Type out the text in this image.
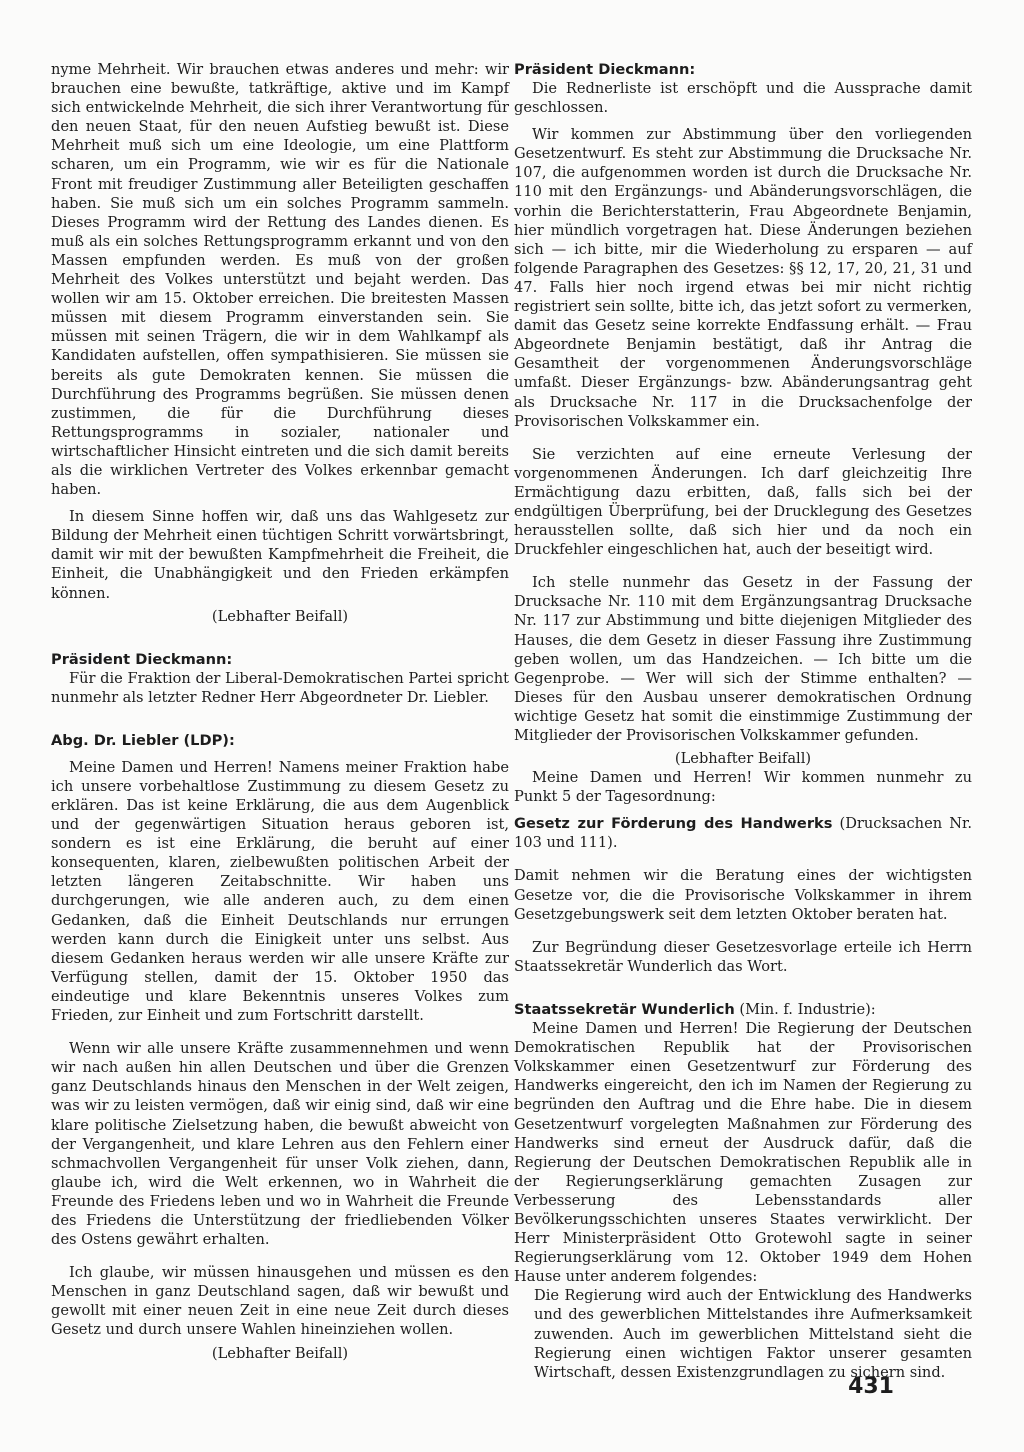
nyme Mehrheit. Wir brauchen etwas anderes und mehr: wir brauchen eine bewußte, tatkräftige, aktive und im Kampf sich entwickelnde Mehrheit, die sich ihrer Verantwortung für den neuen Staat, für den neuen Aufstieg bewußt ist. Diese Mehrheit muß sich um eine Ideologie, um eine Plattform scharen, um ein Programm, wie wir es für die Nationale Front mit freudiger Zustimmung aller Beteiligten geschaffen haben. Sie muß sich um ein solches Programm sammeln. Dieses Programm wird der Rettung des Landes dienen. Es muß als ein solches Rettungsprogramm erkannt und von den Massen empfunden werden. Es muß von der großen Mehrheit des Volkes unterstützt und bejaht werden. Das wollen wir am 15. Oktober erreichen. Die breitesten Massen müssen mit diesem Programm einverstanden sein. Sie müssen mit seinen Trägern, die wir in dem Wahlkampf als Kandidaten aufstellen, offen sympathisieren. Sie müssen sie bereits als gute Demokraten kennen. Sie müssen die Durchführung des Programms begrüßen. Sie müssen denen zustimmen, die für die Durchführung dieses Rettungsprogramms in sozialer, nationaler und wirtschaftlicher Hinsicht eintreten und die sich damit bereits als die wirklichen Vertreter des Volkes erkennbar gemacht haben.

In diesem Sinne hoffen wir, daß uns das Wahlgesetz zur Bildung der Mehrheit einen tüchtigen Schritt vorwärtsbringt, damit wir mit der bewußten Kampfmehrheit die Freiheit, die Einheit, die Unabhängigkeit und den Frieden erkämpfen können.

(Lebhafter Beifall)
Präsident Dieckmann:

Für die Fraktion der Liberal-Demokratischen Partei spricht nunmehr als letzter Redner Herr Abgeordneter Dr. Liebler.

Abg. Dr. Liebler (LDP):

Meine Damen und Herren! Namens meiner Fraktion habe ich unsere vorbehaltlose Zustimmung zu diesem Gesetz zu erklären. Das ist keine Erklärung, die aus dem Augenblick und der gegenwärtigen Situation heraus geboren ist, sondern es ist eine Erklärung, die beruht auf einer konsequenten, klaren, zielbewußten politischen Arbeit der letzten längeren Zeitabschnitte. Wir haben uns durchgerungen, wie alle anderen auch, zu dem einen Gedanken, daß die Einheit Deutschlands nur errungen werden kann durch die Einigkeit unter uns selbst. Aus diesem Gedanken heraus werden wir alle unsere Kräfte zur Verfügung stellen, damit der 15. Oktober 1950 das eindeutige und klare Bekenntnis unseres Volkes zum Frieden, zur Einheit und zum Fortschritt darstellt.

Wenn wir alle unsere Kräfte zusammennehmen und wenn wir nach außen hin allen Deutschen und über die Grenzen ganz Deutschlands hinaus den Menschen in der Welt zeigen, was wir zu leisten vermögen, daß wir einig sind, daß wir eine klare politische Zielsetzung haben, die bewußt abweicht von der Vergangenheit, und klare Lehren aus den Fehlern einer schmachvollen Vergangenheit für unser Volk ziehen, dann, glaube ich, wird die Welt erkennen, wo in Wahrheit die Freunde des Friedens leben und wo in Wahrheit die Freunde des Friedens die Unterstützung der friedliebenden Völker des Ostens gewährt erhalten.

Ich glaube, wir müssen hinausgehen und müssen es den Menschen in ganz Deutschland sagen, daß wir bewußt und gewollt mit einer neuen Zeit in eine neue Zeit durch dieses Gesetz und durch unsere Wahlen hineinziehen wollen.

(Lebhafter Beifall)
Präsident Dieckmann:

Die Rednerliste ist erschöpft und die Aussprache damit geschlossen.

Wir kommen zur Abstimmung über den vorliegenden Gesetzentwurf. Es steht zur Abstimmung die Drucksache Nr. 107, die aufgenommen worden ist durch die Drucksache Nr. 110 mit den Ergänzungs- und Abänderungsvorschlägen, die vorhin die Berichterstatterin, Frau Abgeordnete Benjamin, hier mündlich vorgetragen hat. Diese Änderungen beziehen sich — ich bitte, mir die Wiederholung zu ersparen — auf folgende Paragraphen des Gesetzes: §§ 12, 17, 20, 21, 31 und 47. Falls hier noch irgend etwas bei mir nicht richtig registriert sein sollte, bitte ich, das jetzt sofort zu vermerken, damit das Gesetz seine korrekte Endfassung erhält. — Frau Abgeordnete Benjamin bestätigt, daß ihr Antrag die Gesamtheit der vorgenommenen Änderungsvorschläge umfaßt. Dieser Ergänzungs- bzw. Abänderungsantrag geht als Drucksache Nr. 117 in die Drucksachenfolge der Provisorischen Volkskammer ein.

Sie verzichten auf eine erneute Verlesung der vorgenommenen Änderungen. Ich darf gleichzeitig Ihre Ermächtigung dazu erbitten, daß, falls sich bei der endgültigen Überprüfung, bei der Drucklegung des Gesetzes herausstellen sollte, daß sich hier und da noch ein Druckfehler eingeschlichen hat, auch der beseitigt wird.

Ich stelle nunmehr das Gesetz in der Fassung der Drucksache Nr. 110 mit dem Ergänzungsantrag Drucksache Nr. 117 zur Abstimmung und bitte diejenigen Mitglieder des Hauses, die dem Gesetz in dieser Fassung ihre Zustimmung geben wollen, um das Handzeichen. — Ich bitte um die Gegenprobe. — Wer will sich der Stimme enthalten? — Dieses für den Ausbau unserer demokratischen Ordnung wichtige Gesetz hat somit die einstimmige Zustimmung der Mitglieder der Provisorischen Volkskammer gefunden.

(Lebhafter Beifall)

Meine Damen und Herren! Wir kommen nunmehr zu Punkt 5 der Tagesordnung:

Gesetz zur Förderung des Handwerks (Drucksachen Nr. 103 und 111).

Damit nehmen wir die Beratung eines der wichtigsten Gesetze vor, die die Provisorische Volkskammer in ihrem Gesetzgebungswerk seit dem letzten Oktober beraten hat.

Zur Begründung dieser Gesetzesvorlage erteile ich Herrn Staatssekretär Wunderlich das Wort.

Staatssekretär Wunderlich (Min. f. Industrie):

Meine Damen und Herren! Die Regierung der Deutschen Demokratischen Republik hat der Provisorischen Volkskammer einen Gesetzentwurf zur Förderung des Handwerks eingereicht, den ich im Namen der Regierung zu begründen den Auftrag und die Ehre habe. Die in diesem Gesetzentwurf vorgelegten Maßnahmen zur Förderung des Handwerks sind erneut der Ausdruck dafür, daß die Regierung der Deutschen Demokratischen Republik alle in der Regierungserklärung gemachten Zusagen zur Verbesserung des Lebensstandards aller Bevölkerungsschichten unseres Staates verwirklicht. Der Herr Ministerpräsident Otto Grotewohl sagte in seiner Regierungserklärung vom 12. Oktober 1949 dem Hohen Hause unter anderem folgendes:

Die Regierung wird auch der Entwicklung des Handwerks und des gewerblichen Mittelstandes ihre Aufmerksamkeit zuwenden. Auch im gewerblichen Mittelstand sieht die Regierung einen wichtigen Faktor unserer gesamten Wirtschaft, dessen Existenzgrundlagen zu sichern sind.

431
